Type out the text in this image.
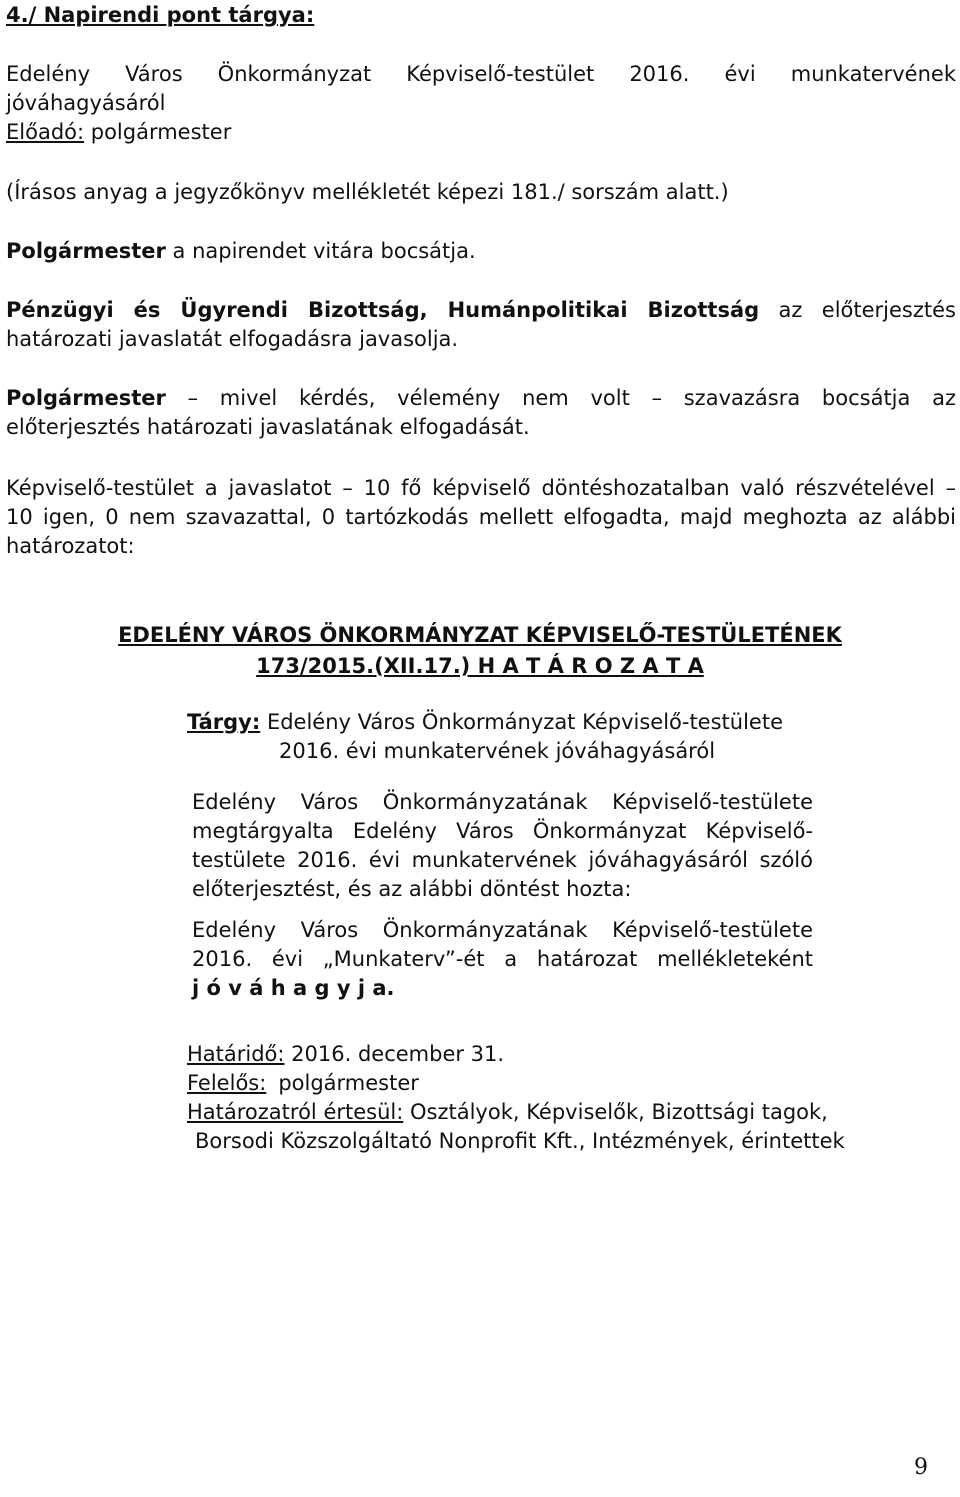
4./ Napirendi pont tárgya:
Edelény Város Önkormányzat Képviselő-testület 2016. évi munkatervének
jóváhagyásáról
Előadó: polgármester
(Írásos anyag a jegyzőkönyv mellékletét képezi 181./ sorszám alatt.)
Polgármester a napirendet vitára bocsátja.
Pénzügyi és Ügyrendi Bizottság, Humánpolitikai Bizottság az előterjesztés
határozati javaslatát elfogadásra javasolja.
Polgármester – mivel kérdés, vélemény nem volt – szavazásra bocsátja az
előterjesztés határozati javaslatának elfogadását.
Képviselő-testület a javaslatot – 10 fő képviselő döntéshozatalban való részvételével –
10 igen, 0 nem szavazattal, 0 tartózkodás mellett elfogadta, majd meghozta az alábbi
határozatot:
EDELÉNY VÁROS ÖNKORMÁNYZAT KÉPVISELŐ-TESTÜLETÉNEK
173/2015.(XII.17.) H A T Á R O Z A T A
Tárgy: Edelény Város Önkormányzat Képviselő-testülete
2016. évi munkatervének jóváhagyásáról
Edelény Város Önkormányzatának Képviselő-testülete
megtárgyalta Edelény Város Önkormányzat Képviselő-
testülete 2016. évi munkatervének jóváhagyásáról szóló
előterjesztést, és az alábbi döntést hozta:
Edelény Város Önkormányzatának Képviselő-testülete
2016. évi „Munkaterv”-ét a határozat mellékleteként
j ó v á h a g y j a.
Határidő: 2016. december 31.
Felelős: polgármester
Határozatról értesül: Osztályok, Képviselők, Bizottsági tagok,
Borsodi Közszolgáltató Nonprofit Kft., Intézmények, érintettek
9
